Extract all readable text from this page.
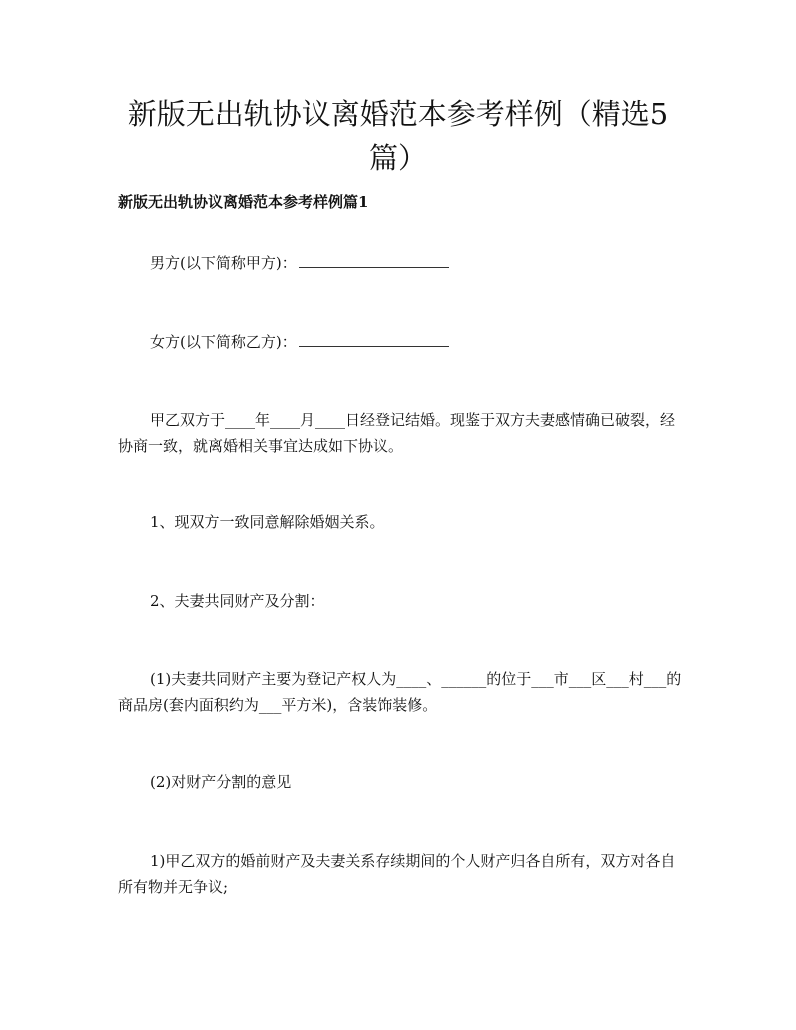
新版无出轨协议离婚范本参考样例（精选5篇）

新版无出轨协议离婚范本参考样例篇1

男方(以下简称甲方)：

女方(以下简称乙方)：

甲乙双方于____年____月____日经登记结婚。现鉴于双方夫妻感情确已破裂，经协商一致，就离婚相关事宜达成如下协议。

1、现双方一致同意解除婚姻关系。

2、夫妻共同财产及分割：

(1)夫妻共同财产主要为登记产权人为____、______的位于___市___区___村___的商品房(套内面积约为___平方米)，含装饰装修。

(2)对财产分割的意见

1)甲乙双方的婚前财产及夫妻关系存续期间的个人财产归各自所有，双方对各自所有物并无争议;
